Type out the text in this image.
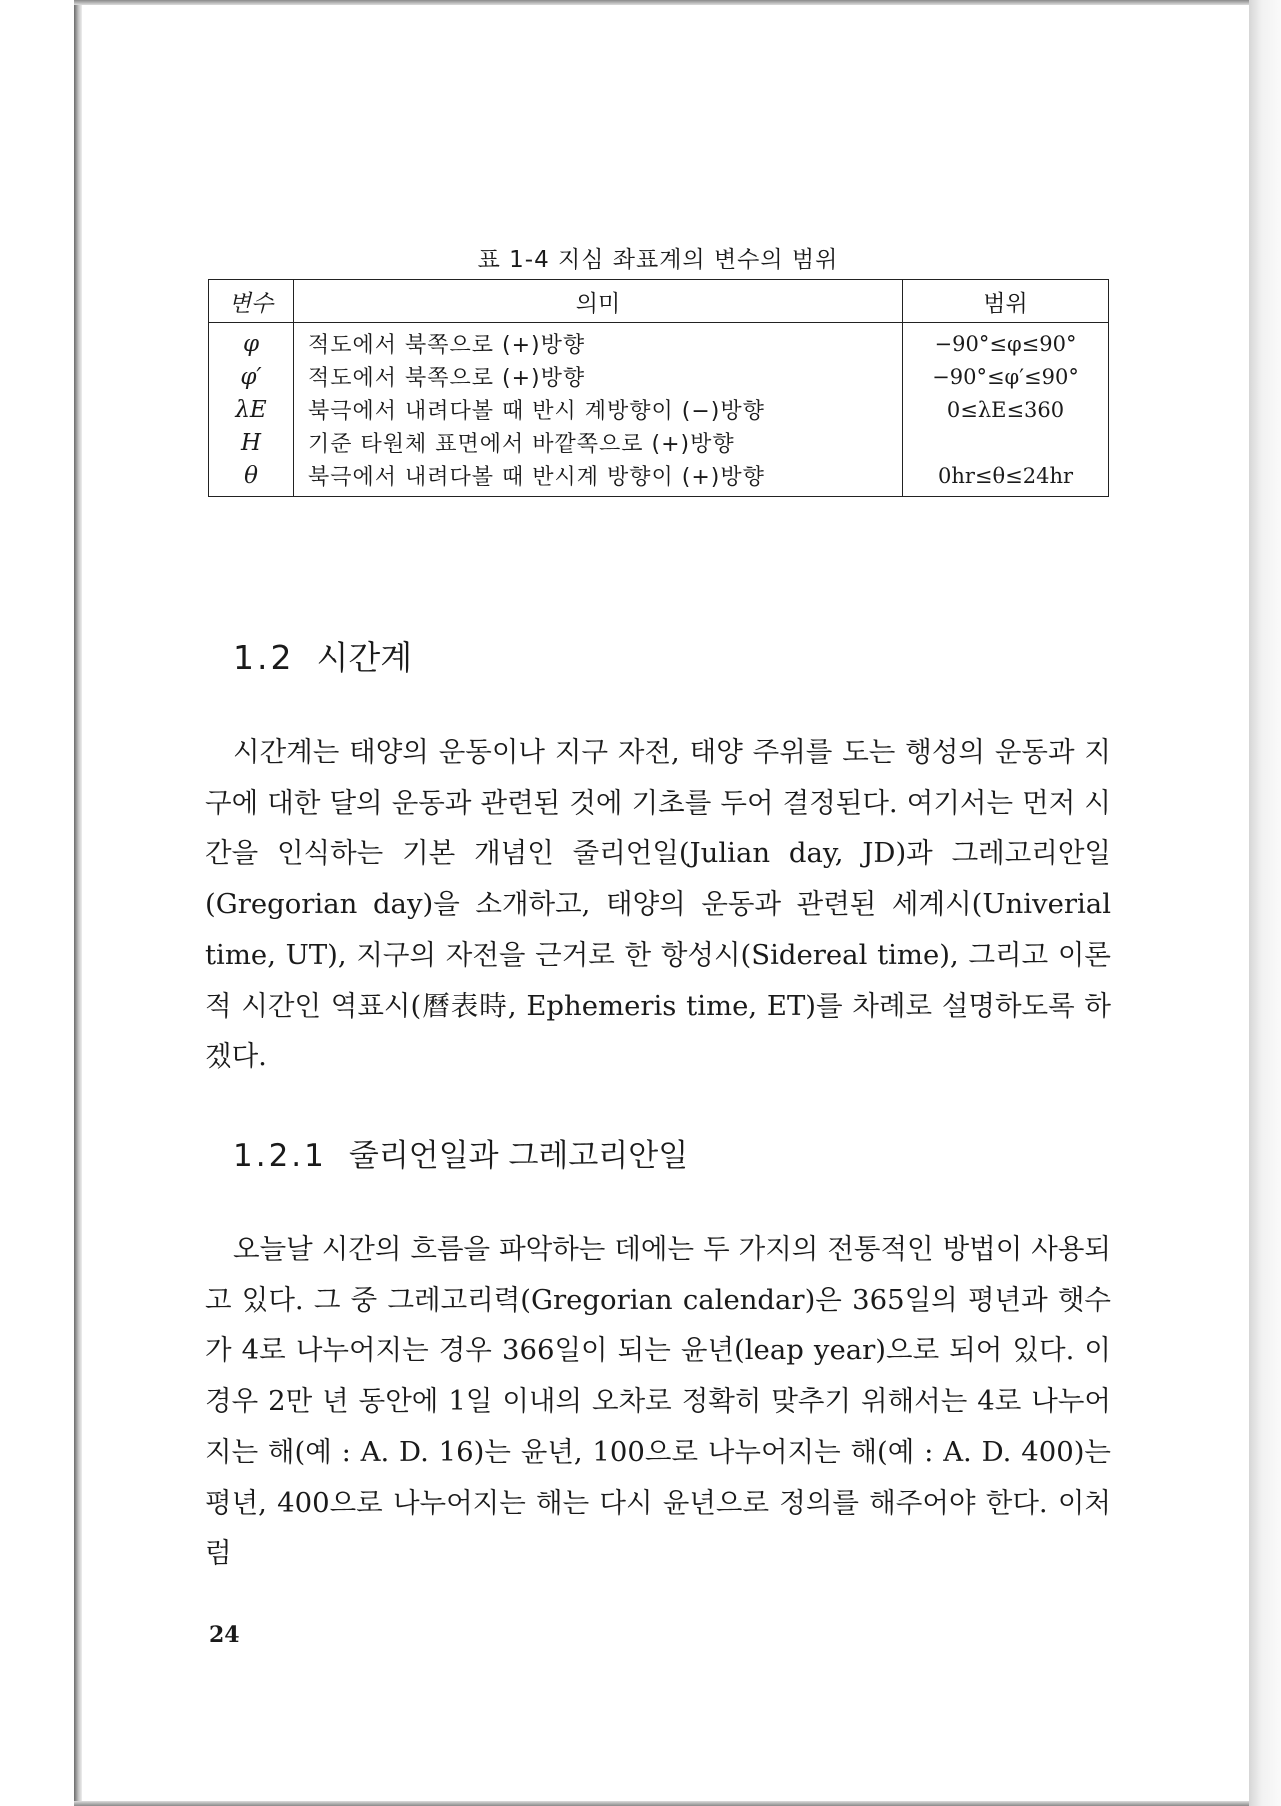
표 1-4 지심 좌표계의 변수의 범위
변수	의미	범위
φ	적도에서 북쪽으로 (+)방향	−90°≤φ≤90°
φ′	적도에서 북쪽으로 (+)방향	−90°≤φ′≤90°
λE	북극에서 내려다볼 때 반시 계방향이 (−)방향	0≤λE≤360
H	기준 타원체 표면에서 바깥쪽으로 (+)방향	
θ	북극에서 내려다볼 때 반시계 방향이 (+)방향	0hr≤θ≤24hr
1.2 시간계
시간계는 태양의 운동이나 지구 자전, 태양 주위를 도는 행성의 운동과 지구에 대한 달의 운동과 관련된 것에 기초를 두어 결정된다. 여기서는 먼저 시간을 인식하는 기본 개념인 줄리언일(Julian day, JD)과 그레고리안일(Gregorian day)을 소개하고, 태양의 운동과 관련된 세계시(Univerial time, UT), 지구의 자전을 근거로 한 항성시(Sidereal time), 그리고 이론적 시간인 역표시(曆表時, Ephemeris time, ET)를 차례로 설명하도록 하겠다.
1.2.1 줄리언일과 그레고리안일
오늘날 시간의 흐름을 파악하는 데에는 두 가지의 전통적인 방법이 사용되고 있다. 그 중 그레고리력(Gregorian calendar)은 365일의 평년과 햇수가 4로 나누어지는 경우 366일이 되는 윤년(leap year)으로 되어 있다. 이 경우 2만 년 동안에 1일 이내의 오차로 정확히 맞추기 위해서는 4로 나누어지는 해(예 : A. D. 16)는 윤년, 100으로 나누어지는 해(예 : A. D. 400)는 평년, 400으로 나누어지는 해는 다시 윤년으로 정의를 해주어야 한다. 이처럼
24
